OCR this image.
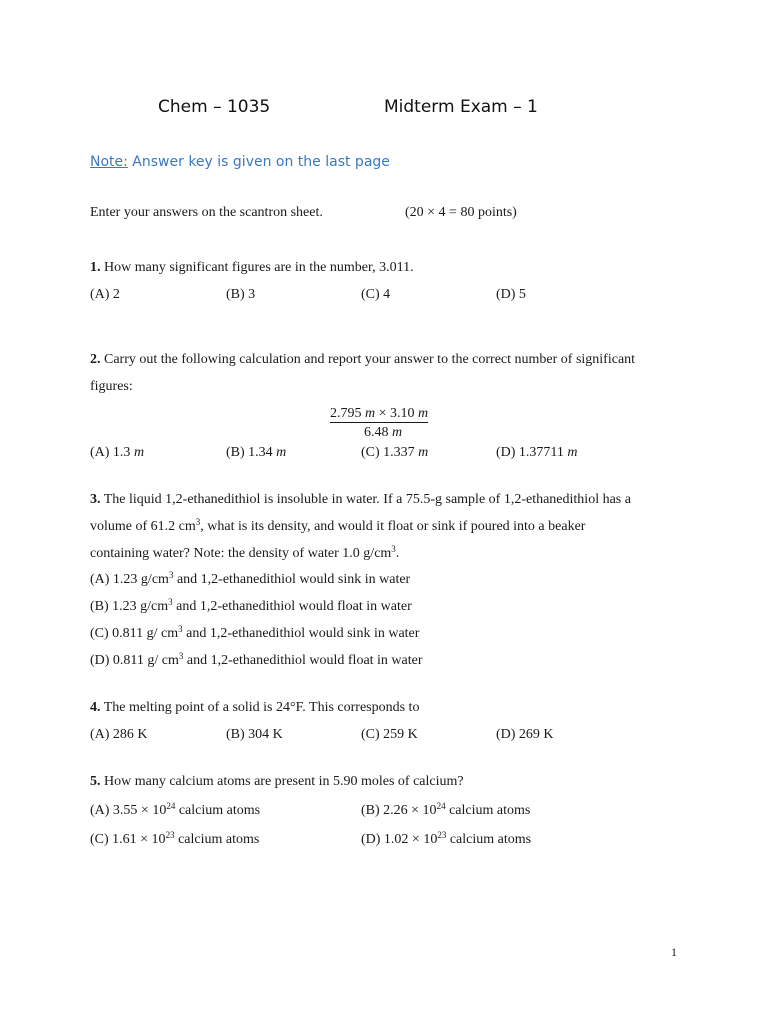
Chem – 1035	Midterm Exam – 1
Note: Answer key is given on the last page
Enter your answers on the scantron sheet.	(20 × 4 = 80 points)
1. How many significant figures are in the number, 3.011.
(A) 2	(B) 3	(C) 4	(D) 5
2. Carry out the following calculation and report your answer to the correct number of significant
figures:
2.795 m × 3.10 m
6.48 m
(A) 1.3 m	(B) 1.34 m	(C) 1.337 m	(D) 1.37711 m
3. The liquid 1,2-ethanedithiol is insoluble in water. If a 75.5-g sample of 1,2-ethanedithiol has a
volume of 61.2 $cm^3$, what is its density, and would it float or sink if poured into a beaker
containing water? Note: the density of water 1.0 $g/cm^3$.
(A) 1.23 $g/cm^3$ and 1,2-ethanedithiol would sink in water
(B) 1.23 $g/cm^3$ and 1,2-ethanedithiol would float in water
(C) 0.811 g/ $cm^3$ and 1,2-ethanedithiol would sink in water
(D) 0.811 g/ $cm^3$ and 1,2-ethanedithiol would float in water
4. The melting point of a solid is 24°F. This corresponds to
(A) 286 K	(B) 304 K	(C) 259 K	(D) 269 K
5. How many calcium atoms are present in 5.90 moles of calcium?
(A) $3.55 \times 10^{24}$ calcium atoms	(B) $2.26 \times 10^{24}$ calcium atoms
(C) $1.61 \times 10^{23}$ calcium atoms	(D) $1.02 \times 10^{23}$ calcium atoms
1
